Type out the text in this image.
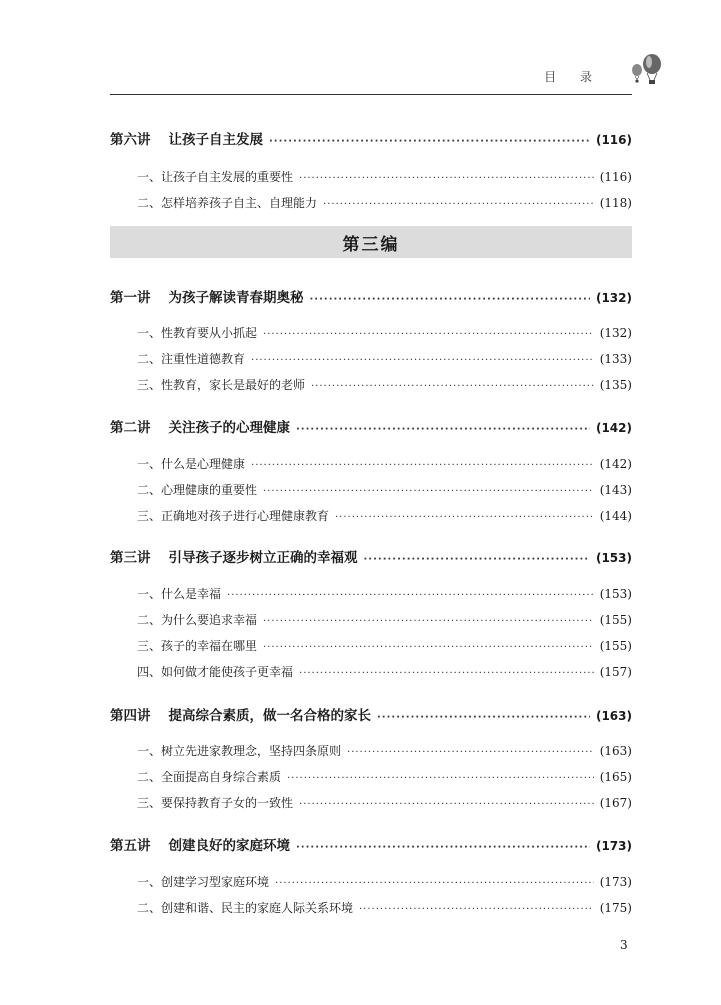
目 录
第六讲 让孩子自主发展 ·····	(116)
一、让孩子自主发展的重要性 ·····	(116)
二、怎样培养孩子自主、自理能力 ·····	(118)
第三编
第一讲 为孩子解读青春期奥秘 ·····	(132)
一、性教育要从小抓起 ·····	(132)
二、注重性道德教育 ·····	(133)
三、性教育，家长是最好的老师 ·····	(135)
第二讲 关注孩子的心理健康 ·····	(142)
一、什么是心理健康 ·····	(142)
二、心理健康的重要性 ·····	(143)
三、正确地对孩子进行心理健康教育 ·····	(144)
第三讲 引导孩子逐步树立正确的幸福观 ·····	(153)
一、什么是幸福 ·····	(153)
二、为什么要追求幸福 ·····	(155)
三、孩子的幸福在哪里 ·····	(155)
四、如何做才能使孩子更幸福 ·····	(157)
第四讲 提高综合素质，做一名合格的家长 ·····	(163)
一、树立先进家教理念，坚持四条原则 ·····	(163)
二、全面提高自身综合素质 ·····	(165)
三、要保持教育子女的一致性 ·····	(167)
第五讲 创建良好的家庭环境 ·····	(173)
一、创建学习型家庭环境 ·····	(173)
二、创建和谐、民主的家庭人际关系环境 ·····	(175)
3
